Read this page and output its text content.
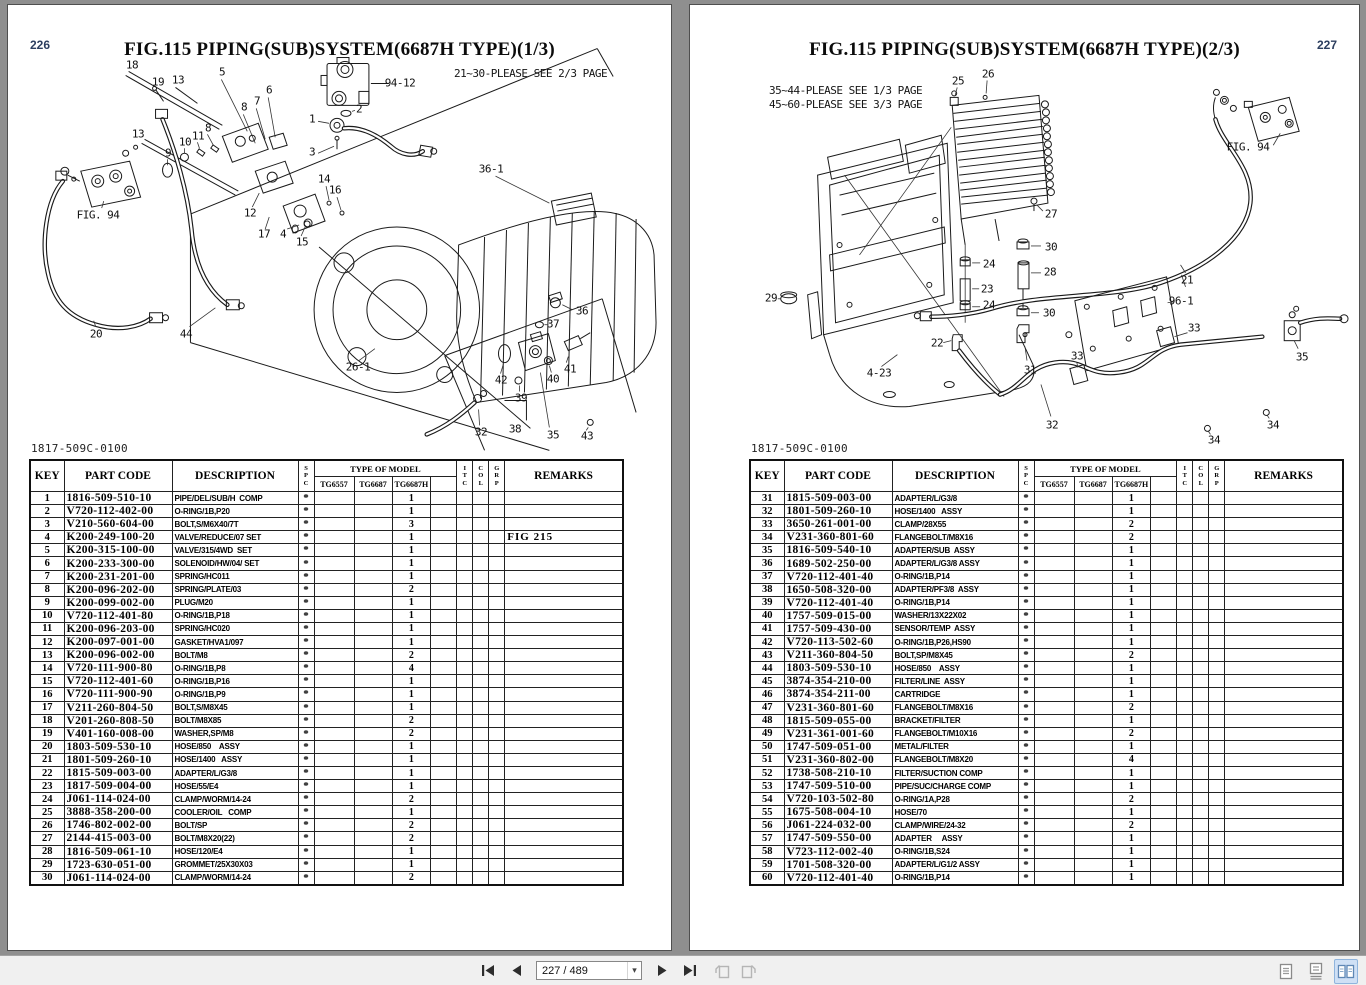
226	FIG.115 PIPING(SUB)SYSTEM(6687H TYPE)(1/3)
21~30-PLEASE SEE 2/3 PAGE
1817-509C-0100
18
19 13
5
6
7
8
94-12
2
1
3
13	11
10
8
9
12
17 4
15
14
16
36-1
FIG. 94
20	44
26-1
36
37
42	40
41
39
38
32	35 43
KEY	PART CODE	DESCRIPTION	S
P
C	TYPE OF MODEL				I
T
C	C
O
L	G
R
P	REMARKS
				TG6557	TG6687	TG6687H					
1	1816-509-510-10	PIPE/DEL/SUB/H  COMP	*			1					
2	V720-112-402-00	O-RING/1B,P20	*			1					
3	V210-560-604-00	BOLT,S/M6X40/7T	*			3					
4	K200-249-100-20	VALVE/REDUCE/07 SET	*			1					FIG 215
5	K200-315-100-00	VALVE/315/4WD  SET	*			1					
6	K200-233-300-00	SOLENOID/HW/04/ SET	*			1					
7	K200-231-201-00	SPRING/HC011	*			1					
8	K200-096-202-00	SPRING/PLATE/03	*			2					
9	K200-099-002-00	PLUG/M20	*			1					
10	V720-112-401-80	O-RING/1B,P18	*			1					
11	K200-096-203-00	SPRING/HC020	*			1					
12	K200-097-001-00	GASKET/HVA1/097	*			1					
13	K200-096-002-00	BOLT/M8	*			2					
14	V720-111-900-80	O-RING/1B,P8	*			4					
15	V720-112-401-60	O-RING/1B,P16	*			1					
16	V720-111-900-90	O-RING/1B,P9	*			1					
17	V211-260-804-50	BOLT,S/M8X45	*			1					
18	V201-260-808-50	BOLT/M8X85	*			2					
19	V401-160-008-00	WASHER,SP/M8	*			2					
20	1803-509-530-10	HOSE/850    ASSY	*			1					
21	1801-509-260-10	HOSE/1400   ASSY	*			1					
22	1815-509-003-00	ADAPTER/L/G3/8	*			1					
23	1817-509-004-00	HOSE/55/E4	*			1					
24	J061-114-024-00	CLAMP/WORM/14-24	*			2					
25	3888-358-200-00	COOLER/OIL   COMP	*			1					
26	1746-802-002-00	BOLT/SP	*			2					
27	2144-415-003-00	BOLT/M8X20(22)	*			2					
28	1816-509-061-10	HOSE/120/E4	*			1					
29	1723-630-051-00	GROMMET/25X30X03	*			1					
30	J061-114-024-00	CLAMP/WORM/14-24	*			2					
227
FIG.115 PIPING(SUB)SYSTEM(6687H TYPE)(2/3)
35~44-PLEASE SEE 1/3 PAGE
45~60-PLEASE SEE 3/3 PAGE
1817-509C-0100
25
26
FIG. 94
27
30
24
28
23
24
30
29
22
31
4-23
96-1
21
33
33
32
34
34
35
KEY	PART CODE	DESCRIPTION	S
P
C	TYPE OF MODEL				I
T
C	C
O
L	G
R
P	REMARKS
				TG6557	TG6687	TG6687H					
31	1815-509-003-00	ADAPTER/L/G3/8	*			1					
32	1801-509-260-10	HOSE/1400   ASSY	*			1					
33	3650-261-001-00	CLAMP/28X55	*			2					
34	V231-360-801-60	FLANGEBOLT/M8X16	*			2					
35	1816-509-540-10	ADAPTER/SUB  ASSY	*			1					
36	1689-502-250-00	ADAPTER/L/G3/8 ASSY	*			1					
37	V720-112-401-40	O-RING/1B,P14	*			1					
38	1650-508-320-00	ADAPTER/PF3/8  ASSY	*			1					
39	V720-112-401-40	O-RING/1B,P14	*			1					
40	1757-509-015-00	WASHER/13X22X02	*			1					
41	1757-509-430-00	SENSOR/TEMP  ASSY	*			1					
42	V720-113-502-60	O-RING/1B,P26,HS90	*			1					
43	V211-360-804-50	BOLT,SP/M8X45	*			2					
44	1803-509-530-10	HOSE/850    ASSY	*			1					
45	3874-354-210-00	FILTER/LINE  ASSY	*			1					
46	3874-354-211-00	CARTRIDGE	*			1					
47	V231-360-801-60	FLANGEBOLT/M8X16	*			2					
48	1815-509-055-00	BRACKET/FILTER	*			1					
49	V231-361-001-60	FLANGEBOLT/M10X16	*			2					
50	1747-509-051-00	METAL/FILTER	*			1					
51	V231-360-802-00	FLANGEBOLT/M8X20	*			4					
52	1738-508-210-10	FILTER/SUCTION COMP	*			1					
53	1747-509-510-00	PIPE/SUC/CHARGE COMP	*			1					
54	V720-103-502-80	O-RING/1A,P28	*			2					
55	1675-508-004-10	HOSE/70	*			1					
56	J061-224-032-00	CLAMP/WIRE/24-32	*			2					
57	1747-509-550-00	ADAPTER     ASSY	*			1					
58	V723-112-002-40	O-RING/1B,S24	*			1					
59	1701-508-320-00	ADAPTER/L/G1/2 ASSY	*			1					
60	V720-112-401-40	O-RING/1B,P14	*			1					
227 / 489
▾
